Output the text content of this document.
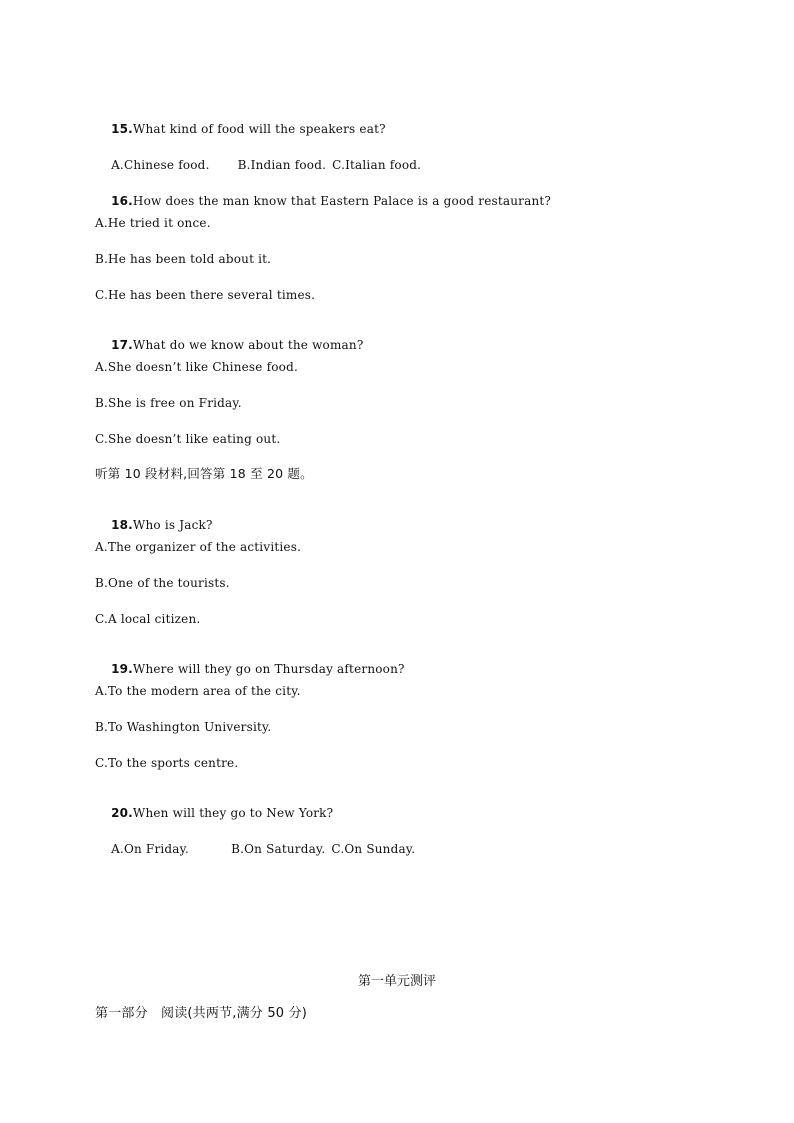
15.What kind of food will the speakers eat?

A.Chinese food. B.Indian food. C.Italian food.

16.How does the man know that Eastern Palace is a good restaurant?

A.He tried it once.
B.He has been told about it.
C.He has been there several times.

17.What do we know about the woman?

A.She doesn’t like Chinese food.
B.She is free on Friday.
C.She doesn’t like eating out.
听第 10 段材料,回答第 18 至 20 题。

18.Who is Jack?

A.The organizer of the activities.
B.One of the tourists.
C.A local citizen.

19.Where will they go on Thursday afternoon?

A.To the modern area of the city.
B.To Washington University.
C.To the sports centre.

20.When will they go to New York?

A.On Friday.	B.On Saturday. C.On Sunday.

第一单元测评
第一部分　阅读(共两节,满分 50 分)
